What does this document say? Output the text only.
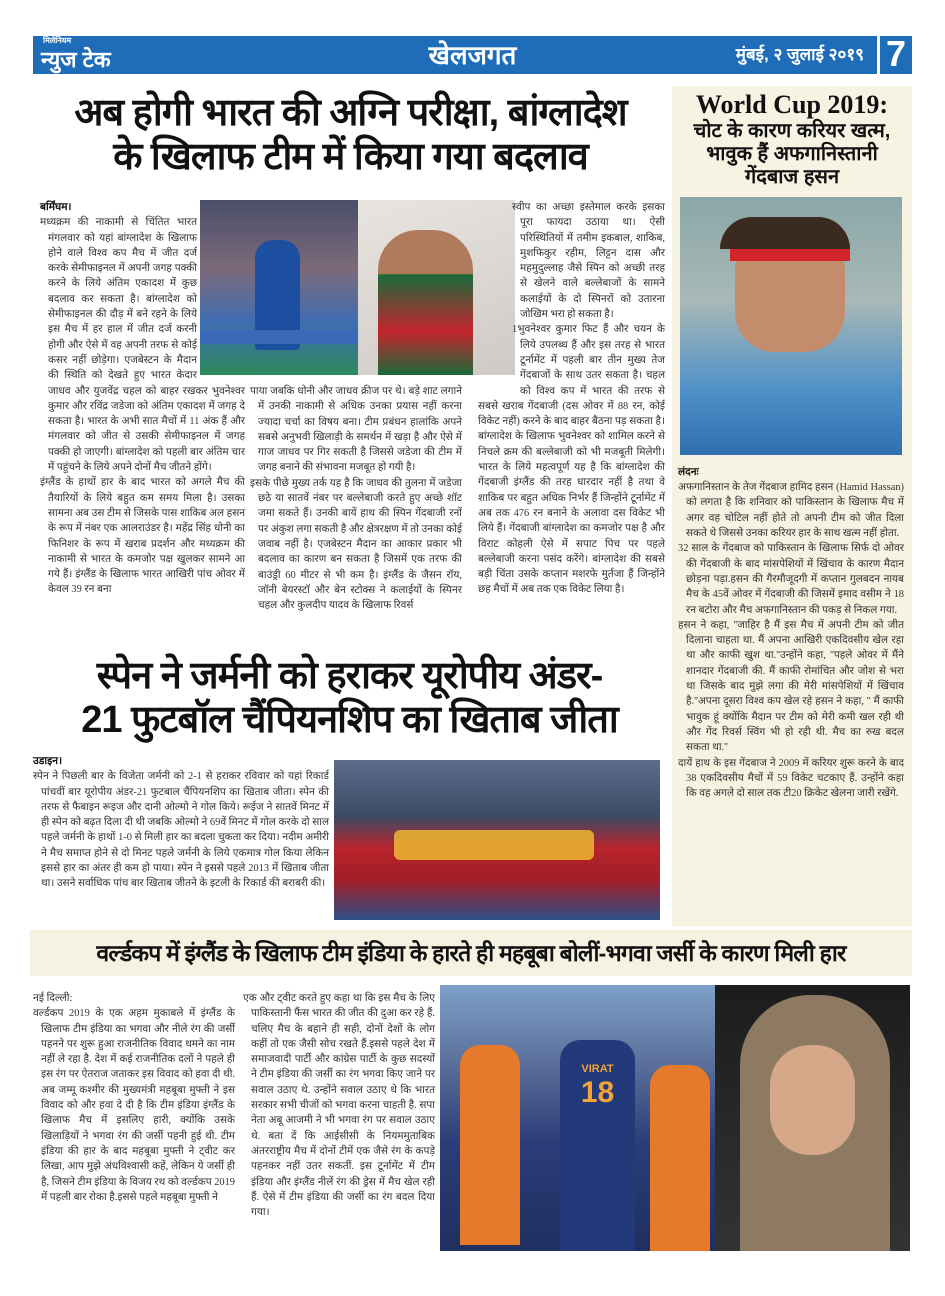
मिलेनियम
न्युज टेक	खेलजगत	मुंबई, २ जुलाई २०१९ 7
अब होगी भारत की अग्नि परीक्षा, बांग्लादेश
के खिलाफ टीम में किया गया बदलाव
बर्मिंघम।

मध्यक्रम की नाकामी से चिंतित भारत मंगलवार को यहां बांग्लादेश के खिलाफ होने वाले विश्व कप मैच में जीत दर्ज करके सेमीफाइनल में अपनी जगह पक्की करने के लिये अंतिम एकादश में कुछ बदलाव कर सकता है। बांग्लादेश को सेमीफाइनल की दौड़ में बने रहने के लिये इस मैच में हर हाल में जीत दर्ज करनी होगी और ऐसे में वह अपनी तरफ से कोई कसर नहीं छोड़ेगा। एजबेस्टन के मैदान की स्थिति को देखते हुए भारत केदार जाधव और युजवेंद्र चहल को बाहर रखकर भुवनेश्वर कुमार और रविंद्र जडेजा को अंतिम एकादश में जगह दे सकता है। भारत के अभी सात मैचों में 11 अंक हैं और मंगलवार को जीत से उसकी सेमीफाइनल में जगह पक्की हो जाएगी। बांग्लादेश को पहली बार अंतिम चार में पहुंचने के लिये अपने दोनों मैच जीतने होंगे।

इंग्लैंड के हाथों हार के बाद भारत को अगले मैच की तैयारियों के लिये बहुत कम समय मिला है। उसका सामना अब उस टीम से जिसके पास शाकिब अल हसन के रूप में नंबर एक आलराउंडर है। महेंद्र सिंह धोनी का फिनिशर के रूप में खराब प्रदर्शन और मध्यक्रम की नाकामी से भारत के कमजोर पक्ष खुलकर सामने आ गये हैं। इंग्लैंड के खिलाफ भारत आखिरी पांच ओवर में केवल 39 रन बना

पाया जबकि धोनी और जाधव क्रीज पर थे। बड़े शाट लगाने में उनकी नाकामी से अधिक उनका प्रयास नहीं करना ज्यादा चर्चा का विषय बना। टीम प्रबंधन हालांकि अपने सबसे अनुभवी खिलाड़ी के समर्थन में खड़ा है और ऐसे में गाज जाधव पर गिर सकती है जिससे जडेजा की टीम में जगह बनाने की संभावना मजबूत हो गयी है।

इसके पीछे मुख्य तर्क यह है कि जाधव की तुलना में जडेजा छठे या सातवें नंबर पर बल्लेबाजी करते हुए अच्छे शॉट जमा सकते हैं। उनकी बायें हाथ की स्पिन गेंदबाजी रनों पर अंकुश लगा सकती है और क्षेत्ररक्षण में तो उनका कोई जवाब नहीं है। एजबेस्टन मैदान का आकार प्रकार भी बदलाव का कारण बन सकता है जिसमें एक तरफ की बाउंड्री 60 मीटर से भी कम है। इंग्लैंड के जैसन रॉय, जॉनी बेयरस्टॉ और बेन स्टोक्स ने कलाईयों के स्पिनर चहल और कुलदीप यादव के खिलाफ रिवर्स

स्वीप का अच्छा इस्तेमाल करके इसका पूरा फायदा उठाया था। ऐसी परिस्थितियों में तमीम इकबाल, शाकिब, मुशफिकुर रहीम, लिट्टन दास और महमुदुल्लाह जैसे स्पिन को अच्छी तरह से खेलने वाले बल्लेबाजों के सामने कलाईयों के दो स्पिनरों को उतारना जोखिम भरा हो सकता है।

1भुवनेश्वर कुमार फिट हैं और चयन के लिये उपलब्ध हैं और इस तरह से भारत टूर्नामेंट में पहली बार तीन मुख्य तेज गेंदबाजों के साथ उतर सकता है। चहल को विश्व कप में भारत की तरफ से सबसे खराब गेंदबाजी (दस ओवर में 88 रन, कोई विकेट नहीं) करने के बाद बाहर बैठना पड़ सकता है। बांग्लादेश के खिलाफ भुवनेश्वर को शामिल करने से निचले क्रम की बल्लेबाजी को भी मजबूती मिलेगी। भारत के लिये महत्वपूर्ण यह है कि बांग्लादेश की गेंदबाजी इंग्लैंड की तरह धारदार नहीं है तथा वे शाकिब पर बहुत अधिक निर्भर हैं जिन्होंने टूर्नामेंट में अब तक 476 रन बनाने के अलावा दस विकेट भी लिये हैं। गेंदबाजी बांग्लादेश का कमजोर पक्ष है और विराट कोहली ऐसे में सपाट पिच पर पहले बल्लेबाजी करना पसंद करेंगे। बांग्लादेश की सबसे बड़ी चिंता उसके कप्तान मशरफे मुर्तजा हैं जिन्होंने छह मैचों में अब तक एक विकेट लिया है।

World Cup 2019:
चोट के कारण करियर खत्म,
भावुक हैं अफगानिस्तानी
गेंदबाज हसन
लंदनः

अफगानिस्तान के तेज गेंदबाज हामिद हसन (Hamid Hassan) को लगता है कि शनिवार को पाकिस्तान के खिलाफ मैच में अगर वह चोटिल नहीं होते तो अपनी टीम को जीत दिला सकते थे जिससे उनका करियर हार के साथ खत्म नहीं होता.

32 साल के गेंदबाज को पाकिस्तान के खिलाफ सिर्फ दो ओवर की गेंदबाजी के बाद मांसपेशियों में खिंचाव के कारण मैदान छोड़ना पड़ा.हसन की गैरमौजूदगी में कप्तान गुलबदन नायब मैच के 45वें ओवर में गेंदबाजी की जिसमें इमाद वसीम ने 18 रन बटोरा और मैच अफगानिस्तान की पकड़ से निकल गया.

हसन ने कहा, ''जाहिर है मैं इस मैच में अपनी टीम को जीत दिलाना चाहता था. मैं अपना आखिरी एकदिवसीय खेल रहा था और काफी खुश था.''उन्होंने कहा, ''पहले ओवर में मैंने शानदार गेंदबाजी की. मैं काफी रोमांचित और जोश से भरा था जिसके बाद मुझे लगा की मेरी मांसपेशियों में खिंचाव है.''अपना दूसरा विश्व कप खेल रहे हसन ने कहा, '' मैं काफी भावुक हूं क्योंकि मैदान पर टीम को मेरी कमी खल रही थी और गेंद रिवर्स स्विंग भी हो रही थी. मैच का रुख बदल सकता था.''

दायें हाथ के इस गेंदबाज ने 2009 में करियर शुरू करने के बाद 38 एकदिवसीय मैचों में 59 विकेट चटकाए हैं. उन्होंने कहा कि वह अगले दो साल तक टी20 क्रिकेट खेलना जारी रखेंगे.

स्पेन ने जर्मनी को हराकर यूरोपीय अंडर-
21 फुटबॉल चैंपियनशिप का खिताब जीता
उडाइन।

स्पेन ने पिछली बार के विजेता जर्मनी को 2-1 से हराकर रविवार को यहां रिकार्ड पांचवीं बार यूरोपीय अंडर-21 फुटबाल चैंपियनशिप का खिताब जीता। स्पेन की तरफ से फैबाइन रूइज और दानी ओल्मो ने गोल किये। रूईज ने सातवें मिनट में ही स्पेन को बढ़त दिला दी थी जबकि ओल्मो ने 69वें मिनट में गोल करके दो साल पहले जर्मनी के हाथों 1-0 से मिली हार का बदला चुकता कर दिया। नदीम अमीरी ने मैच समाप्त होने से दो मिनट पहले जर्मनी के लिये एकमात्र गोल किया लेकिन इससे हार का अंतर ही कम हो पाया। स्पेन ने इससे पहले 2013 में खिताब जीता था। उसने सर्वाधिक पांच बार खिताब जीतने के इटली के रिकार्ड की बराबरी की।

वर्ल्डकप में इंग्लैंड के खिलाफ टीम इंडिया के हारते ही महबूबा बोलीं-भगवा जर्सी के कारण मिली हार
नई दिल्ली:

वर्ल्डकप 2019 के एक अहम मुकाबले में इंग्लैंड के खिलाफ टीम इंडिया का भगवा और नीले रंग की जर्सी पहनने पर शुरू हुआ राजनीतिक विवाद थमने का नाम नहीं ले रहा है. देश में कई राजनीतिक दलों ने पहले ही इस रंग पर ऐतराज जताकर इस विवाद को हवा दी थी. अब जम्मू कश्मीर की मुख्यमंत्री महबूबा मुफ्ती ने इस विवाद को और हवा दे दी है कि टीम इंडिया इंग्लैंड के खिलाफ मैच में इसलिए हारी, क्योंकि उसके खिलाड़ियों ने भगवा रंग की जर्सी पहनी हुई थी. टीम इंडिया की हार के बाद महबूबा मुफ्ती ने ट्वीट कर लिखा, आप मुझे अंधविश्वासी कहें, लेकिन ये जर्सी ही है, जिसने टीम इंडिया के विजय रथ को वर्ल्डकप 2019 में पहली बार रोका है.इससे पहले महबूबा मुफ्ती ने

एक और ट्वीट करते हुए कहा था कि इस मैच के लिए पाकिस्तानी फैंस भारत की जीत की दुआ कर रहे हैं. चलिए मैच के बहाने ही सही, दोनों देशों के लोग कहीं तो एक जैसी सोच रखते हैं.इससे पहले देश में समाजवादी पार्टी और कांग्रेस पार्टी के कुछ सदस्यों ने टीम इंडिया की जर्सी का रंग भगवा किए जाने पर सवाल उठाए थे. उन्होंने सवाल उठाए थे कि भारत सरकार सभी चीजों को भगवा करना चाहती है. सपा नेता अबू आजमी ने भी भगवा रंग पर सवाल उठाए थे. बता दें कि आईसीसी के नियममुताबिक अंतरराष्ट्रीय मैच में दोनों टीमें एक जैसे रंग के कपड़े पहनकर नहीं उतर सकतीं. इस टूर्नामेंट में टीम इंडिया और इंग्लैंड नीलें रंग की ड्रेस में मैच खेल रही हैं. ऐसे में टीम इंडिया की जर्सी का रंग बदल दिया गया।

VIRAT
18
